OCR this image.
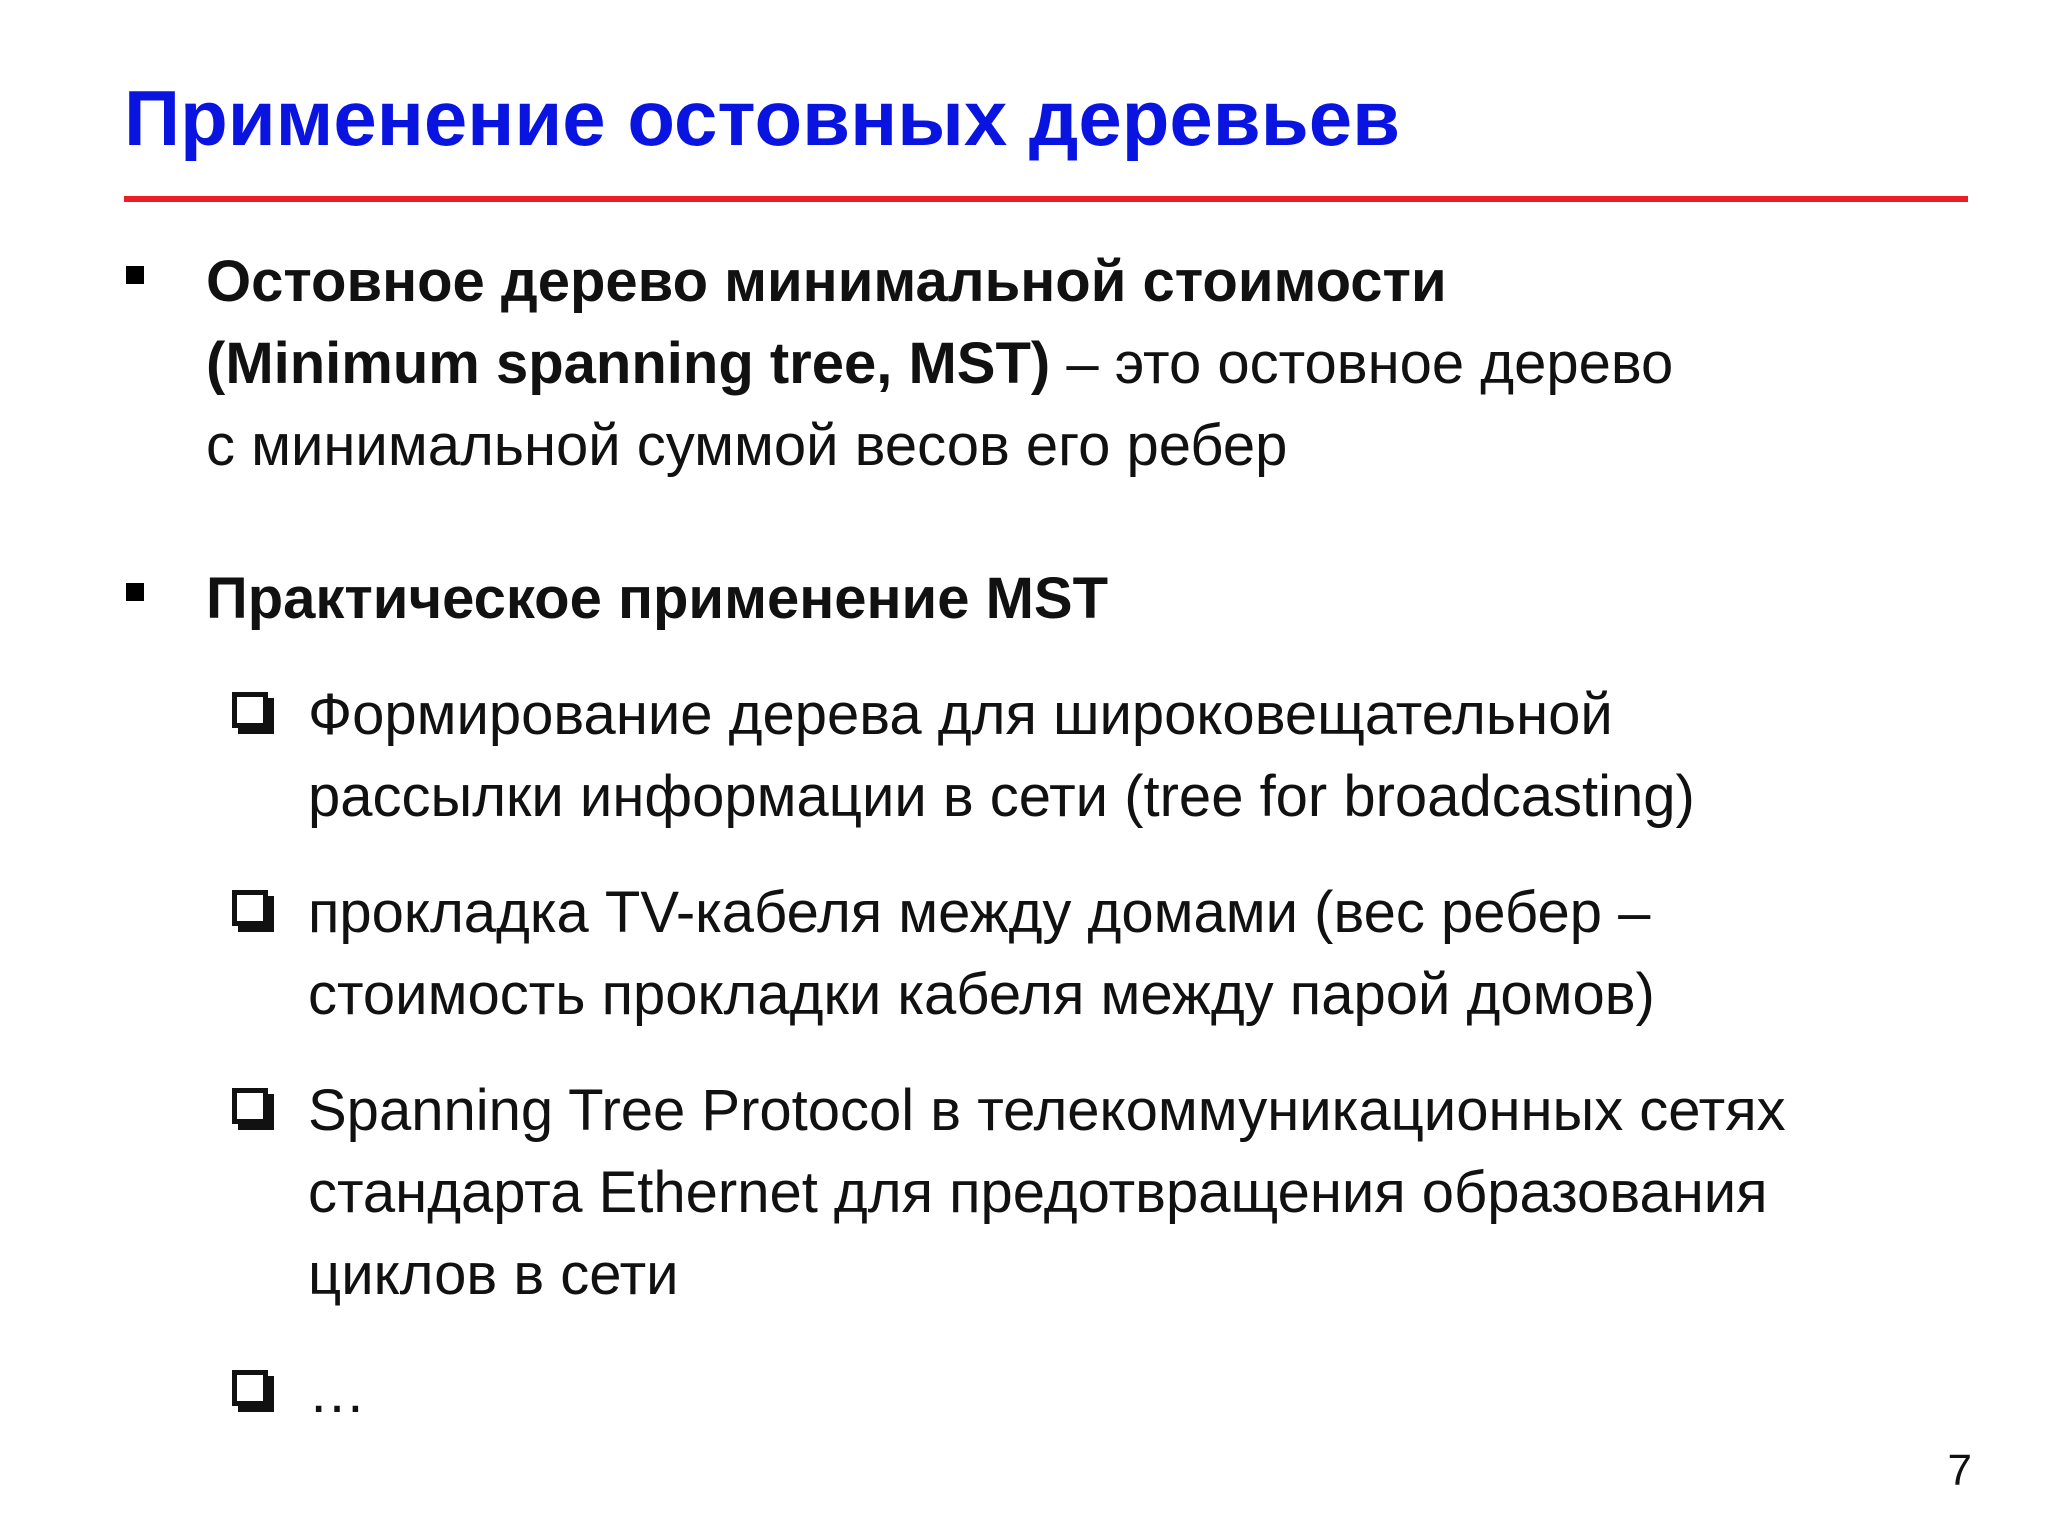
Применение остовных деревьев
Остовное дерево минимальной стоимости
(Minimum spanning tree, MST) – это остовное дерево
с минимальной суммой весов его ребер
Практическое применение MST
Формирование дерева для широковещательной
рассылки информации в сети (tree for broadcasting)
прокладка TV-кабеля между домами (вес ребер –
стоимость прокладки кабеля между парой домов)
Spanning Tree Protocol в телекоммуникационных сетях
стандарта Ethernet для предотвращения образования
циклов в сети
…
7
